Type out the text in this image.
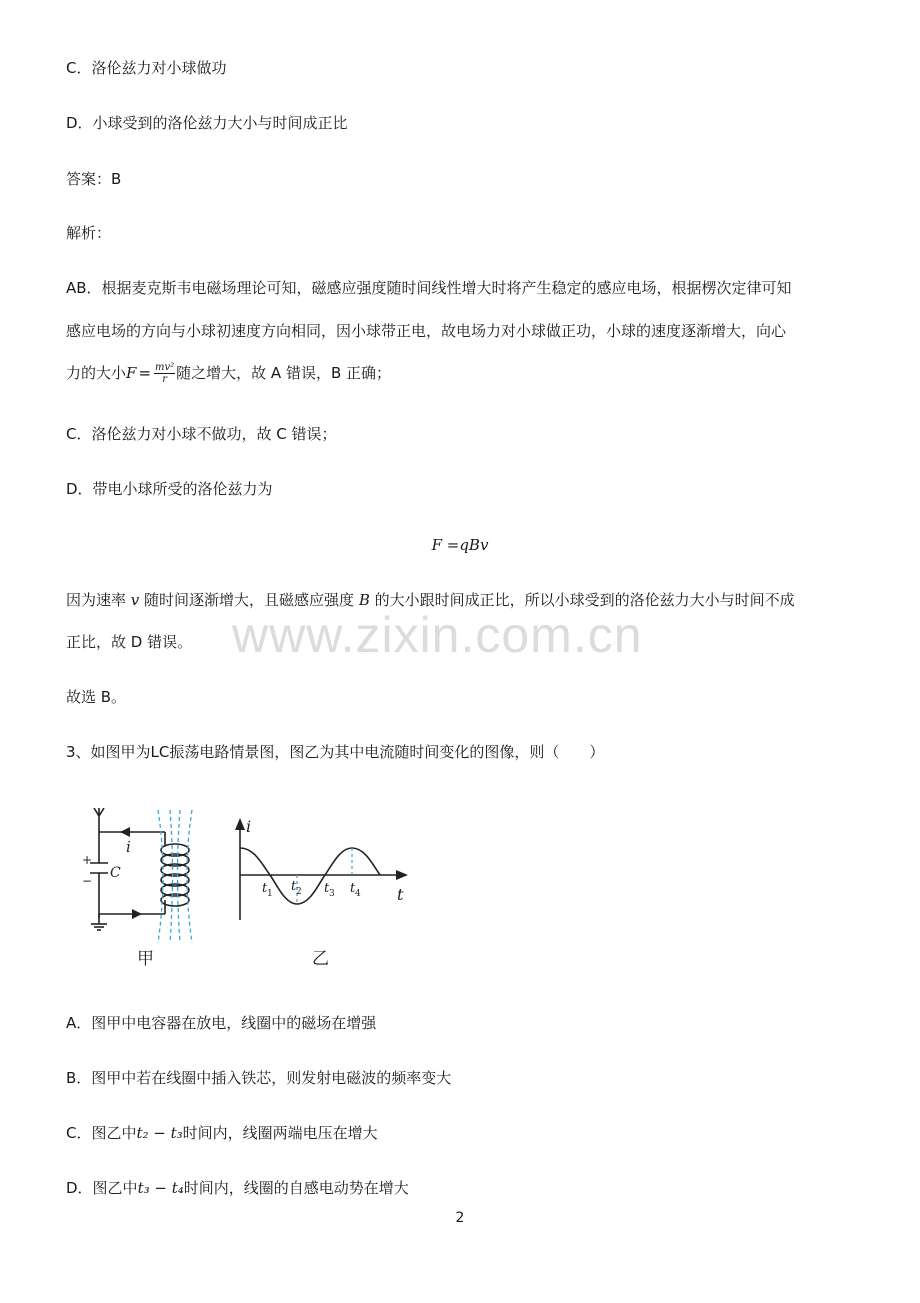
C．洛伦兹力对小球做功
D．小球受到的洛伦兹力大小与时间成正比
答案：B
解析：
AB．根据麦克斯韦电磁场理论可知，磁感应强度随时间线性增大时将产生稳定的感应电场，根据楞次定律可知
感应电场的方向与小球初速度方向相同，因小球带正电，故电场力对小球做正功，小球的速度逐渐增大，向心
力的大小$F = \frac{\text{mv²}}{r}$ 随之增大，故 A 错误，B 正确；
C．洛伦兹力对小球不做功，故 C 错误；
D．带电小球所受的洛伦兹力为
F =qBv
因为速率 v 随时间逐渐增大，且磁感应强度 B 的大小跟时间成正比，所以小球受到的洛伦兹力大小与时间不成
正比，故 D 错误。
故选 B。
3、如图甲为LC振荡电路情景图，图乙为其中电流随时间变化的图像，则（　　）
www.zixin.com.cn
i
C
+
−
甲
i
t
t 1 t 2 t 3 t 4
乙
A．图甲中电容器在放电，线圈中的磁场在增强
B．图甲中若在线圈中插入铁芯，则发射电磁波的频率变大
C．图乙中t₂ − t₃时间内，线圈两端电压在增大
D．图乙中t₃ − t₄时间内，线圈的自感电动势在增大
2
